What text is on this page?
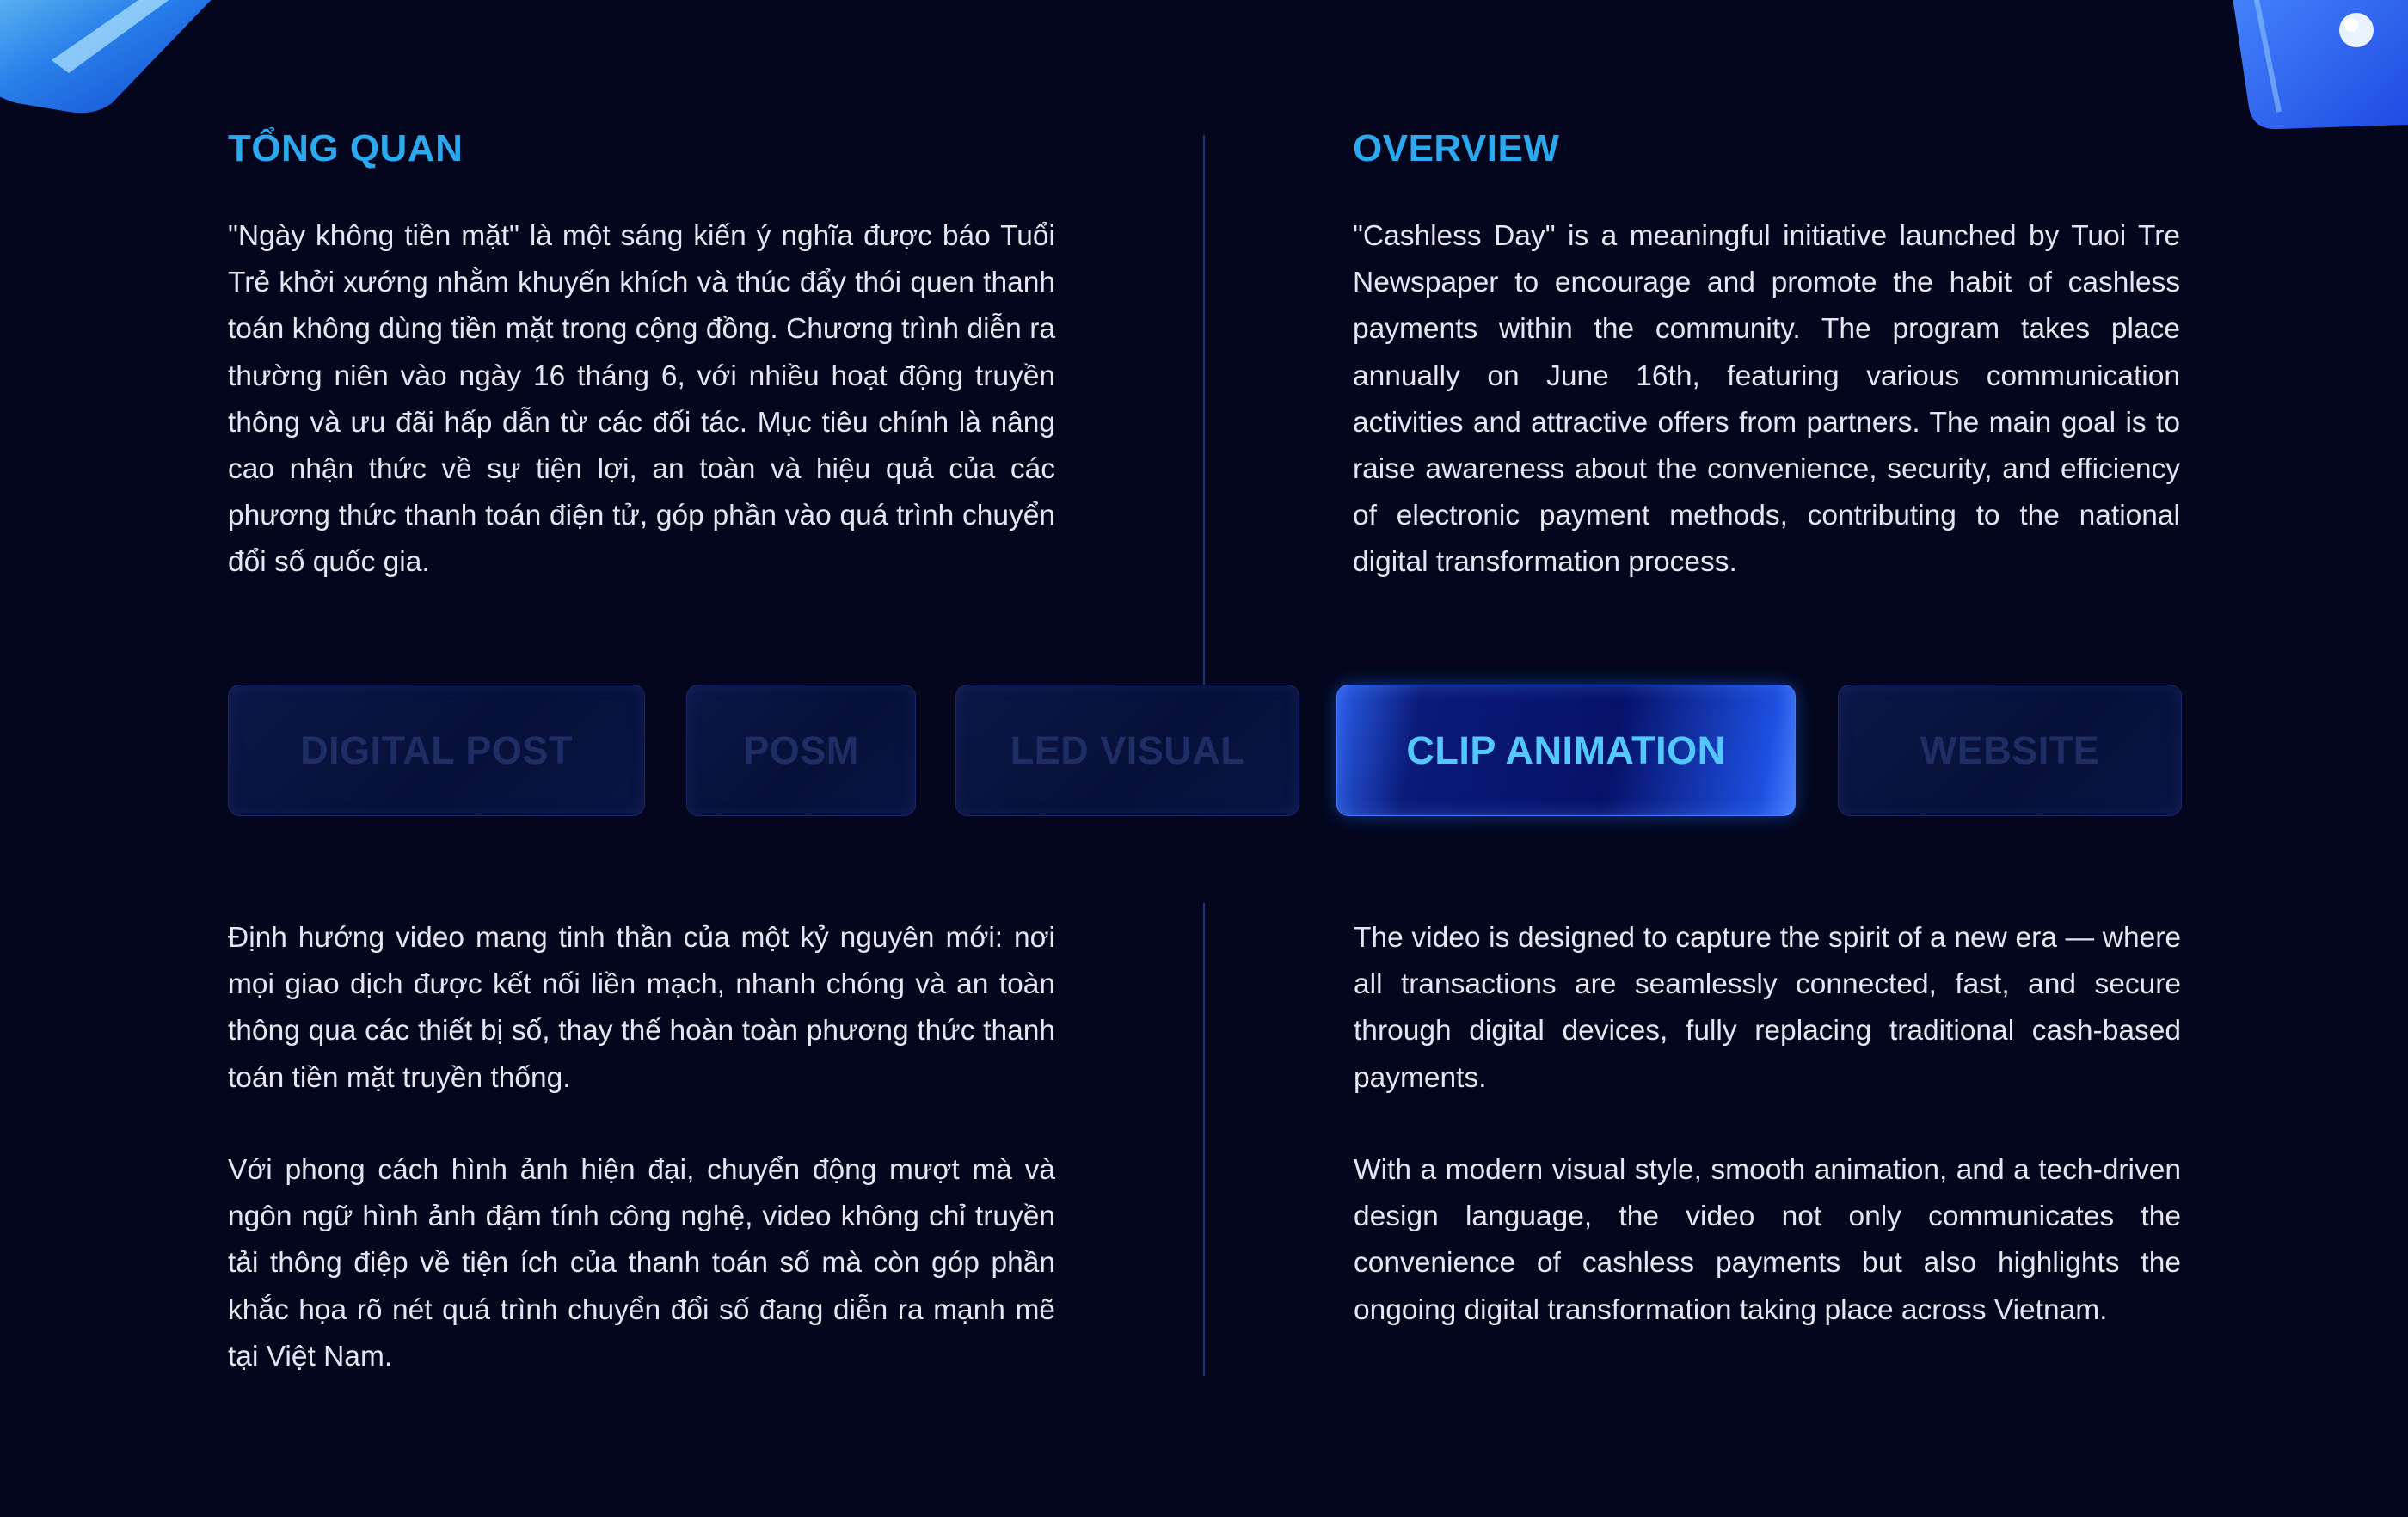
TỔNG QUAN	OVERVIEW

"Ngày không tiền mặt" là một sáng kiến ý nghĩa được báo Tuổi Trẻ khởi xướng nhằm khuyến khích và thúc đẩy thói quen thanh toán không dùng tiền mặt trong cộng đồng. Chương trình diễn ra thường niên vào ngày 16 tháng 6, với nhiều hoạt động truyền thông và ưu đãi hấp dẫn từ các đối tác. Mục tiêu chính là nâng cao nhận thức về sự tiện lợi, an toàn và hiệu quả của các phương thức thanh toán điện tử, góp phần vào quá trình chuyển đổi số quốc gia.

"Cashless Day" is a meaningful initiative launched by Tuoi Tre Newspaper to encourage and promote the habit of cashless payments within the community. The program takes place annually on June 16th, featuring various communication activities and attractive offers from partners. The main goal is to raise awareness about the convenience, security, and efficiency of electronic payment methods, contributing to the national digital transformation process.

DIGITAL POST	POSM	LED VISUAL	CLIP ANIMATION	WEBSITE

Định hướng video mang tinh thần của một kỷ nguyên mới: nơi mọi giao dịch được kết nối liền mạch, nhanh chóng và an toàn thông qua các thiết bị số, thay thế hoàn toàn phương thức thanh toán tiền mặt truyền thống.

Với phong cách hình ảnh hiện đại, chuyển động mượt mà và ngôn ngữ hình ảnh đậm tính công nghệ, video không chỉ truyền tải thông điệp về tiện ích của thanh toán số mà còn góp phần khắc họa rõ nét quá trình chuyển đổi số đang diễn ra mạnh mẽ tại Việt Nam.

The video is designed to capture the spirit of a new era — where all transactions are seamlessly connected, fast, and secure through digital devices, fully replacing traditional cash-based payments.

With a modern visual style, smooth animation, and a tech-driven design language, the video not only communicates the convenience of cashless payments but also highlights the ongoing digital transformation taking place across Vietnam.
